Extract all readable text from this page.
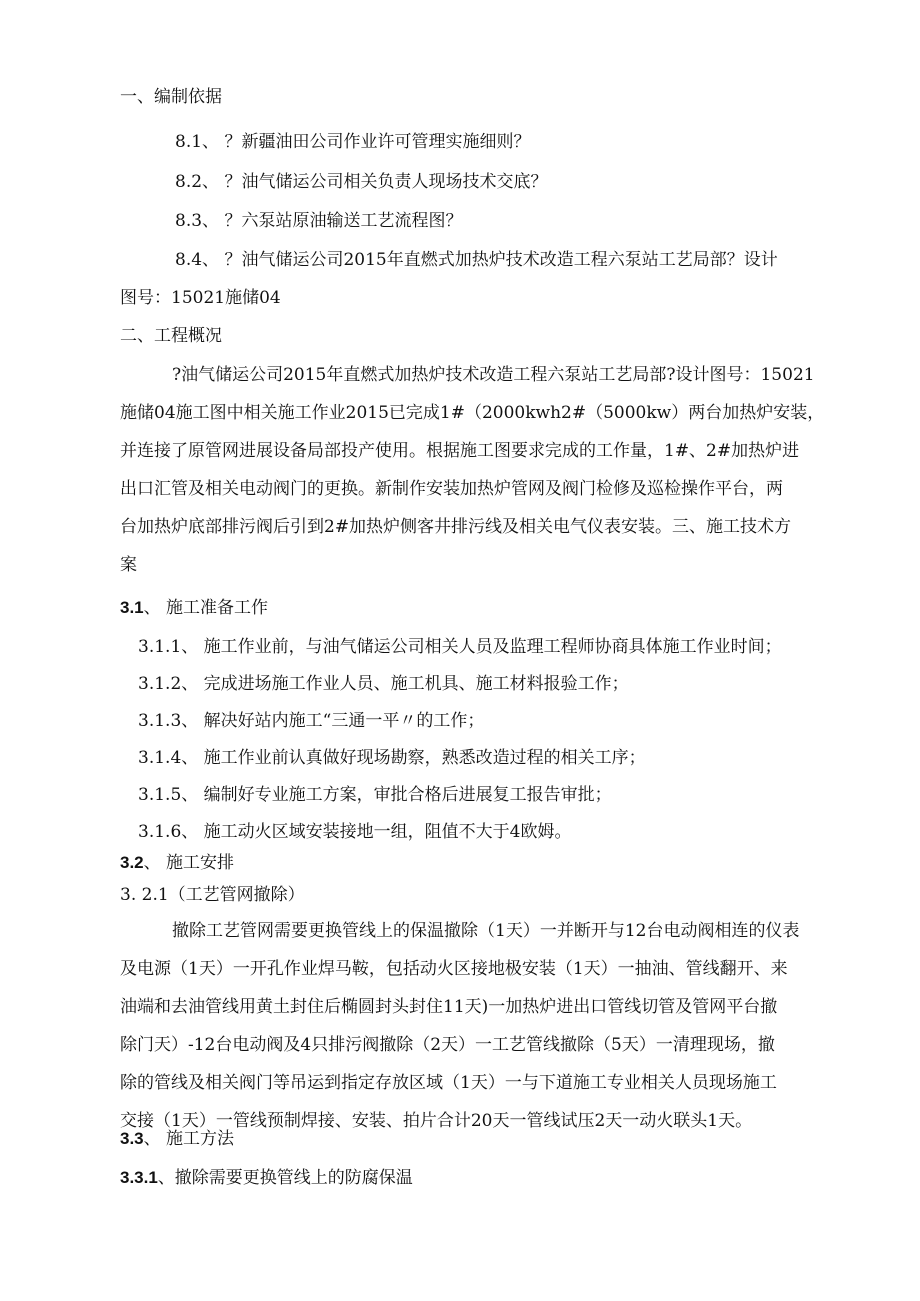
一、编制依据
8.1、 ？新疆油田公司作业许可管理实施细则？
8.2、 ？油气储运公司相关负责人现场技术交底？
8.3、 ？六泵站原油输送工艺流程图？
8.4、 ？油气储运公司2015年直燃式加热炉技术改造工程六泵站工艺局部？设计
图号：15021施储04
二、工程概况
?油气储运公司2015年直燃式加热炉技术改造工程六泵站工艺局部?设计图号：15021
施储04施工图中相关施工作业2015已完成1#（2000kwh2#（5000kw）两台加热炉安装，
并连接了原管网进展设备局部投产使用。根据施工图要求完成的工作量，1#、2#加热炉进
出口汇管及相关电动阀门的更换。新制作安装加热炉管网及阀门检修及巡检操作平台，两
台加热炉底部排污阀后引到2#加热炉侧客井排污线及相关电气仪表安装。三、施工技术方
案
3.1、 施工准备工作
3.1.1、 施工作业前，与油气储运公司相关人员及监理工程师协商具体施工作业时间；
3.1.2、 完成进场施工作业人员、施工机具、施工材料报验工作；
3.1.3、 解决好站内施工“三通一平〃的工作；
3.1.4、 施工作业前认真做好现场勘察，熟悉改造过程的相关工序；
3.1.5、 编制好专业施工方案，审批合格后进展复工报告审批；
3.1.6、 施工动火区域安装接地一组，阻值不大于4欧姆。
3.2、 施工安排
3. 2.1（工艺管网撤除）
撤除工艺管网需要更换管线上的保温撤除（1天）一并断开与12台电动阀相连的仪表
及电源（1天）一开孔作业焊马鞍，包括动火区接地极安装（1天）一抽油、管线翻开、来
油端和去油管线用黄土封住后椭圆封头封住11天)一加热炉进出口管线切管及管网平台撤
除门天）-12台电动阀及4只排污阀撤除（2天）一工艺管线撤除（5天）一清理现场，撤
除的管线及相关阀门等吊运到指定存放区域（1天）一与下道施工专业相关人员现场施工
交接（1天）一管线预制焊接、安装、拍片合计20天一管线试压2天一动火联头1天。
3.3、 施工方法
3.3.1、撤除需要更换管线上的防腐保温
